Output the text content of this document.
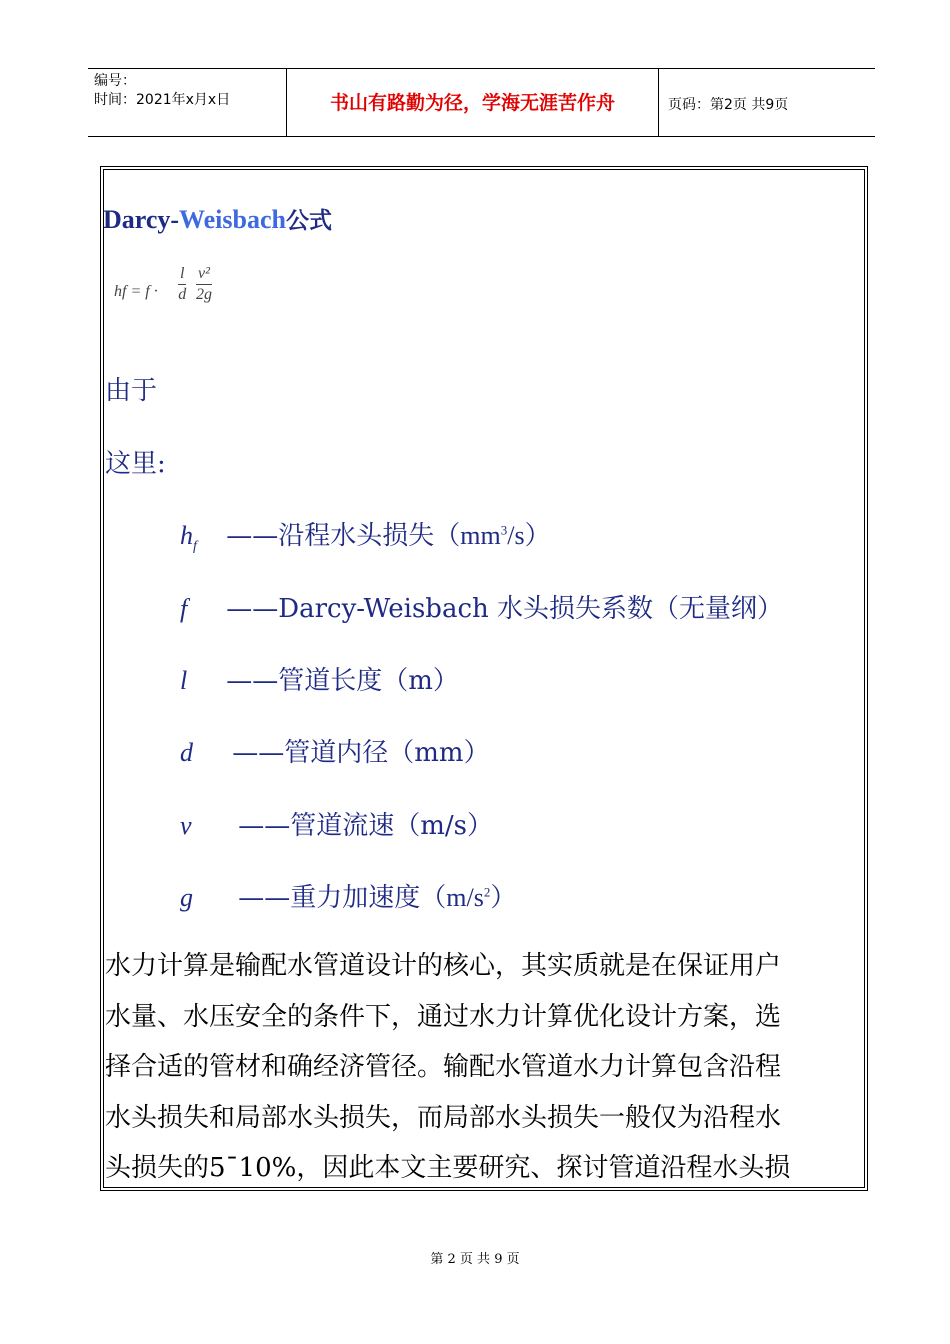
编号：
时间：2021年x月x日	书山有路勤为径，学海无涯苦作舟	页码：第2页 共9页
Darcy-Weisbach公式
hf = $f \cdot \frac{l}{d} \frac{\text{v²}}{2g}$
由于
这里:
$h_f$ ——沿程水头损失$(mm^3/s)$
f ——Darcy-Weisbach 水头损失系数（无量纲）
l ——管道长度（m）
d ——管道内径（mm）
v ——管道流速（m/s）
g ——重力加速度$(m/s^2)$
水力计算是输配水管道设计的核心，其实质就是在保证用户
水量、水压安全的条件下，通过水力计算优化设计方案，选
择合适的管材和确经济管径。输配水管道水力计算包含沿程
水头损失和局部水头损失，而局部水头损失一般仅为沿程水
头损失的5¯10%，因此本文主要研究、探讨管道沿程水头损
第 2 页 共 9 页
